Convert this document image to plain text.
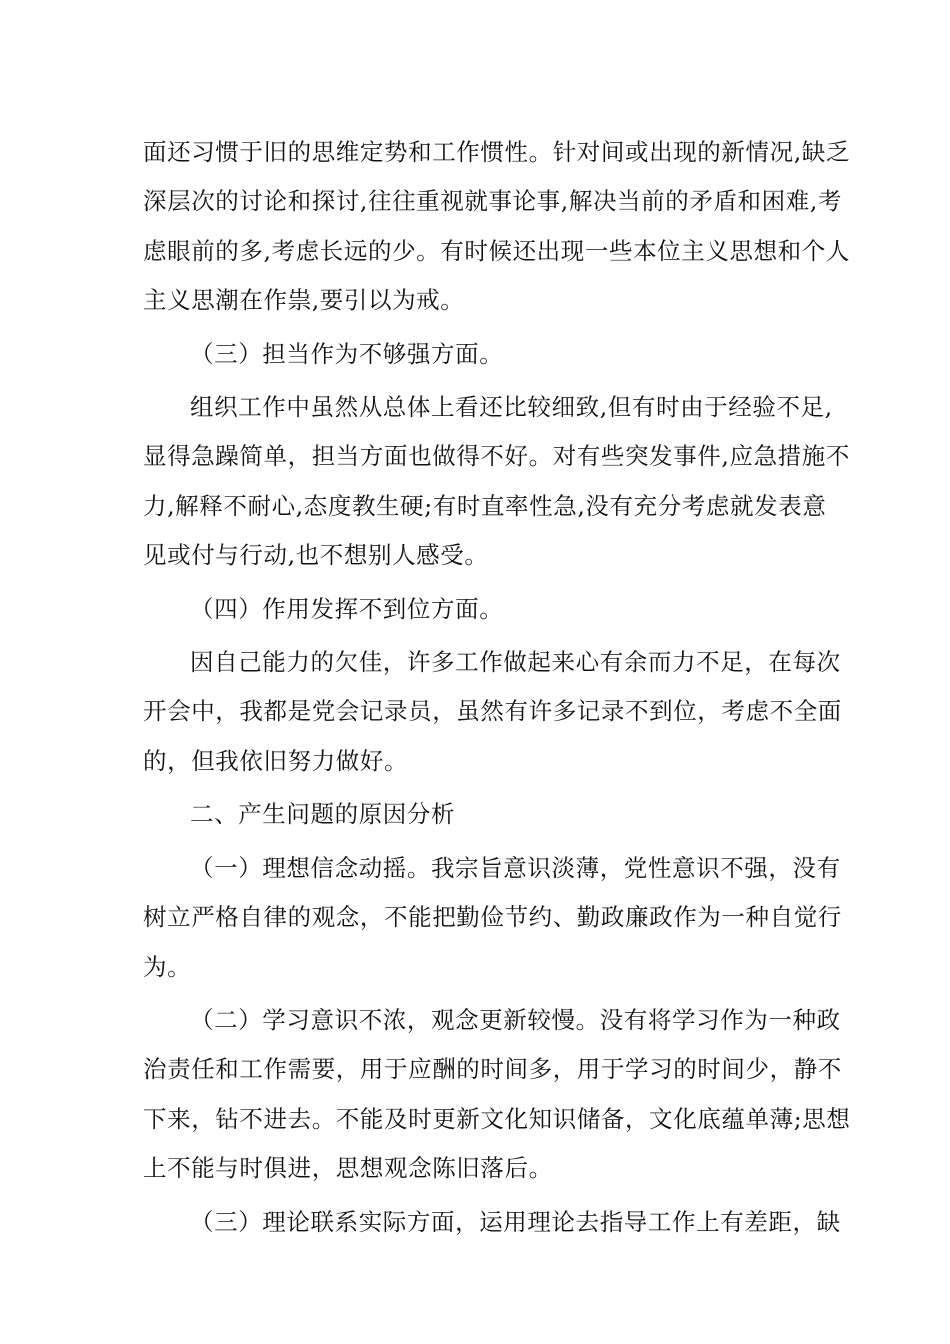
面还习惯于旧的思维定势和工作惯性。针对间或出现的新情况,缺乏
深层次的讨论和探讨,往往重视就事论事,解决当前的矛盾和困难,考
虑眼前的多,考虑长远的少。有时候还出现一些本位主义思想和个人
主义思潮在作祟,要引以为戒。
（三）担当作为不够强方面。
组织工作中虽然从总体上看还比较细致,但有时由于经验不足,
显得急躁简单，担当方面也做得不好。对有些突发事件,应急措施不
力,解释不耐心,态度教生硬;有时直率性急,没有充分考虑就发表意
见或付与行动,也不想别人感受。
（四）作用发挥不到位方面。
因自己能力的欠佳，许多工作做起来心有余而力不足，在每次
开会中，我都是党会记录员，虽然有许多记录不到位，考虑不全面
的，但我依旧努力做好。
二、产生问题的原因分析
（一）理想信念动摇。我宗旨意识淡薄，党性意识不强，没有
树立严格自律的观念，不能把勤俭节约、勤政廉政作为一种自觉行
为。
（二）学习意识不浓，观念更新较慢。没有将学习作为一种政
治责任和工作需要，用于应酬的时间多，用于学习的时间少，静不
下来，钻不进去。不能及时更新文化知识储备，文化底蕴单薄;思想
上不能与时俱进，思想观念陈旧落后。
（三）理论联系实际方面，运用理论去指导工作上有差距，缺
